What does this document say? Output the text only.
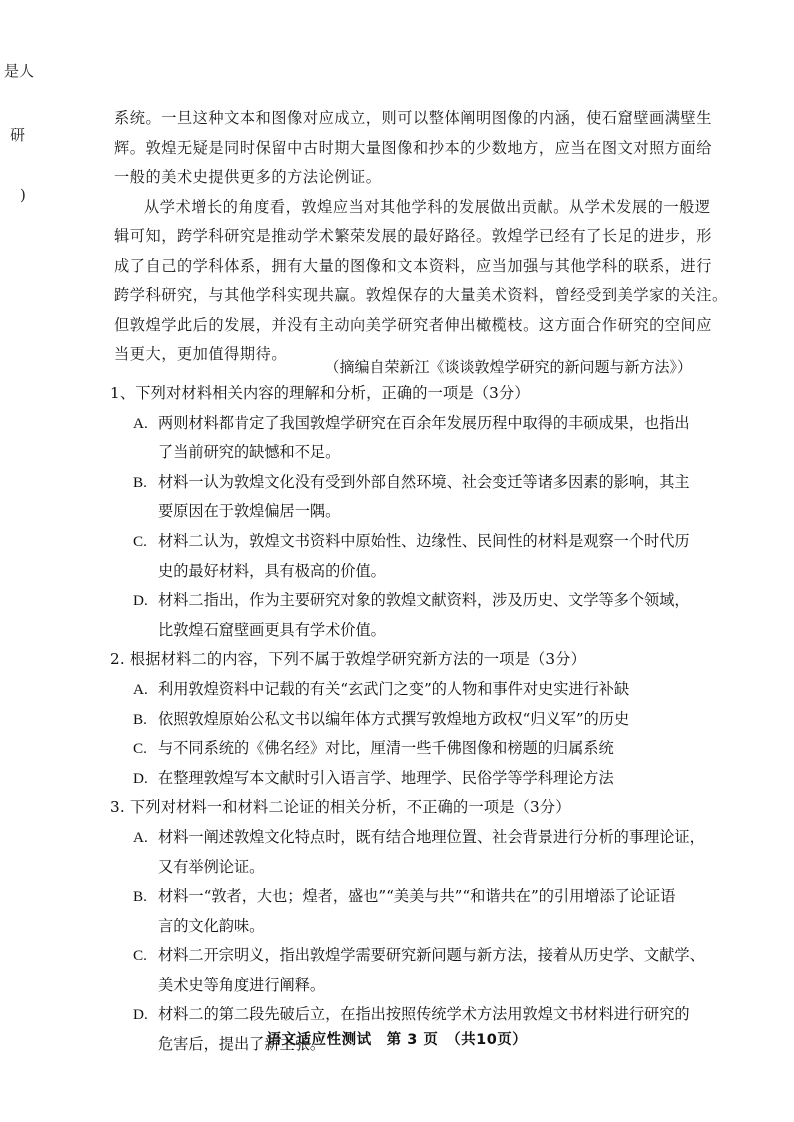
是人
研
)
系统。一旦这种文本和图像对应成立，则可以整体阐明图像的内涵，使石窟壁画满壁生
辉。敦煌无疑是同时保留中古时期大量图像和抄本的少数地方，应当在图文对照方面给
一般的美术史提供更多的方法论例证。
从学术增长的角度看，敦煌应当对其他学科的发展做出贡献。从学术发展的一般逻
辑可知，跨学科研究是推动学术繁荣发展的最好路径。敦煌学已经有了长足的进步，形
成了自己的学科体系，拥有大量的图像和文本资料，应当加强与其他学科的联系，进行
跨学科研究，与其他学科实现共赢。敦煌保存的大量美术资料，曾经受到美学家的关注。
但敦煌学此后的发展，并没有主动向美学研究者伸出橄榄枝。这方面合作研究的空间应
当更大，更加值得期待。
（摘编自荣新江《谈谈敦煌学研究的新问题与新方法》）
1、下列对材料相关内容的理解和分析，正确的一项是（3分）
A. 两则材料都肯定了我国敦煌学研究在百余年发展历程中取得的丰硕成果，也指出
了当前研究的缺憾和不足。
B. 材料一认为敦煌文化没有受到外部自然环境、社会变迁等诸多因素的影响，其主
要原因在于敦煌偏居一隅。
C. 材料二认为，敦煌文书资料中原始性、边缘性、民间性的材料是观察一个时代历
史的最好材料，具有极高的价值。
D. 材料二指出，作为主要研究对象的敦煌文献资料，涉及历史、文学等多个领域，
比敦煌石窟壁画更具有学术价值。
2. 根据材料二的内容，下列不属于敦煌学研究新方法的一项是（3分）
A. 利用敦煌资料中记载的有关“玄武门之变”的人物和事件对史实进行补缺
B. 依照敦煌原始公私文书以编年体方式撰写敦煌地方政权“归义军”的历史
C. 与不同系统的《佛名经》对比，厘清一些千佛图像和榜题的归属系统
D. 在整理敦煌写本文献时引入语言学、地理学、民俗学等学科理论方法
3. 下列对材料一和材料二论证的相关分析，不正确的一项是（3分）
A. 材料一阐述敦煌文化特点时，既有结合地理位置、社会背景进行分析的事理论证，
又有举例论证。
B. 材料一“敦者，大也；煌者，盛也”“美美与共”“和谐共在”的引用增添了论证语
言的文化韵味。
C. 材料二开宗明义，指出敦煌学需要研究新问题与新方法，接着从历史学、文献学、
美术史等角度进行阐释。
D. 材料二的第二段先破后立，在指出按照传统学术方法用敦煌文书材料进行研究的
危害后，提出了新主张。
语文适应性测试　第 3 页　（共10页）
